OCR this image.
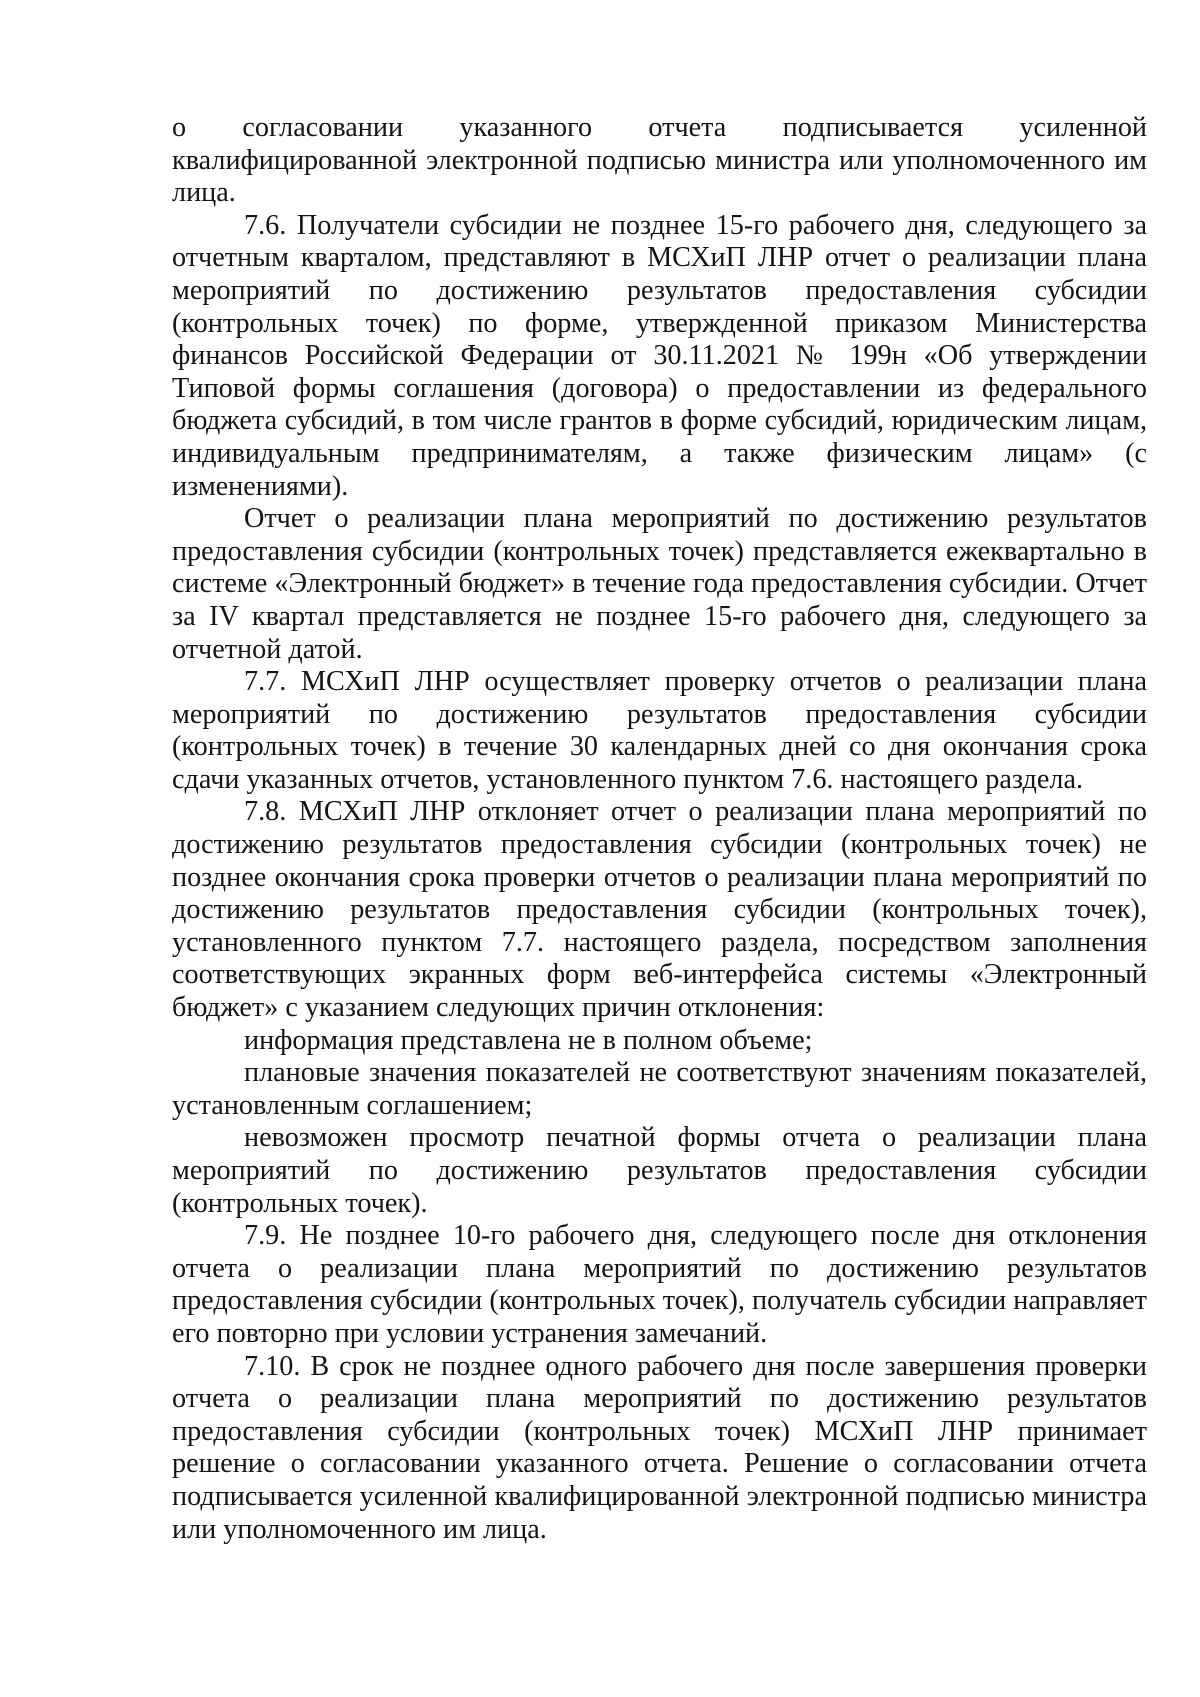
о согласовании указанного отчета подписывается усиленной квалифицированной электронной подписью министра или уполномоченного им лица.

7.6. Получатели субсидии не позднее 15-го рабочего дня, следующего за отчетным кварталом, представляют в МСХиП ЛНР отчет о реализации плана мероприятий по достижению результатов предоставления субсидии (контрольных точек) по форме, утвержденной приказом Министерства финансов Российской Федерации от 30.11.2021 № 199н «Об утверждении Типовой формы соглашения (договора) о предоставлении из федерального бюджета субсидий, в том числе грантов в форме субсидий, юридическим лицам, индивидуальным предпринимателям, а также физическим лицам» (с изменениями).

Отчет о реализации плана мероприятий по достижению результатов предоставления субсидии (контрольных точек) представляется ежеквартально в системе «Электронный бюджет» в течение года предоставления субсидии. Отчет за IV квартал представляется не позднее 15-го рабочего дня, следующего за отчетной датой.

7.7. МСХиП ЛНР осуществляет проверку отчетов о реализации плана мероприятий по достижению результатов предоставления субсидии (контрольных точек) в течение 30 календарных дней со дня окончания срока сдачи указанных отчетов, установленного пунктом 7.6. настоящего раздела.

7.8. МСХиП ЛНР отклоняет отчет о реализации плана мероприятий по достижению результатов предоставления субсидии (контрольных точек) не позднее окончания срока проверки отчетов о реализации плана мероприятий по достижению результатов предоставления субсидии (контрольных точек), установленного пунктом 7.7. настоящего раздела, посредством заполнения соответствующих экранных форм веб-интерфейса системы «Электронный бюджет» с указанием следующих причин отклонения:

информация представлена не в полном объеме;

плановые значения показателей не соответствуют значениям показателей, установленным соглашением;

невозможен просмотр печатной формы отчета о реализации плана мероприятий по достижению результатов предоставления субсидии (контрольных точек).

7.9. Не позднее 10-го рабочего дня, следующего после дня отклонения отчета о реализации плана мероприятий по достижению результатов предоставления субсидии (контрольных точек), получатель субсидии направляет его повторно при условии устранения замечаний.

7.10. В срок не позднее одного рабочего дня после завершения проверки отчета о реализации плана мероприятий по достижению результатов предоставления субсидии (контрольных точек) МСХиП ЛНР принимает решение о согласовании указанного отчета. Решение о согласовании отчета подписывается усиленной квалифицированной электронной подписью министра или уполномоченного им лица.
